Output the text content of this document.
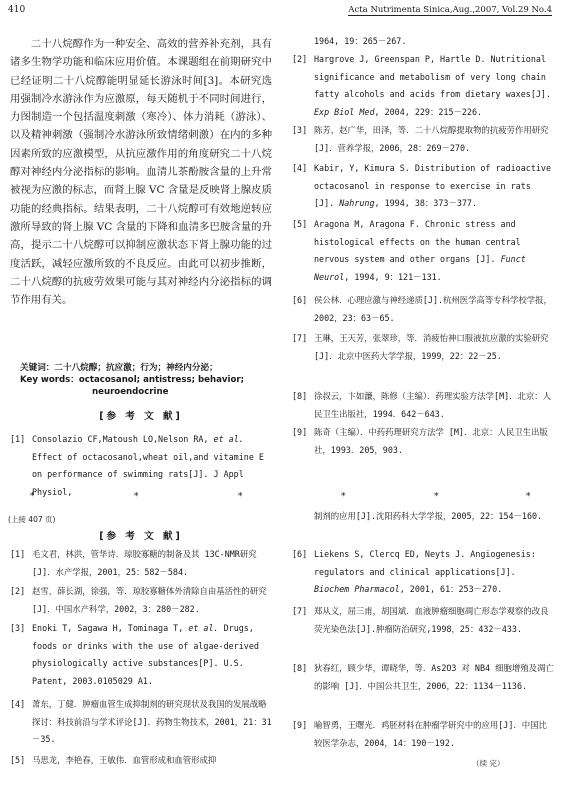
410	Acta Nutrimenta Sinica,Aug.,2007, Vol.29 No.4

二十八烷醇作为一种安全、高效的营养补充剂，具有诸多生物学功能和临床应用价值。本课题组在前期研究中已经证明二十八烷醇能明显延长游泳时间[3]。本研究选用强制冷水游泳作为应激原，每天随机于不同时间进行，力图制造一个包括温度刺激（寒冷）、体力消耗（游泳）、以及精神刺激（强制冷水游泳所致情绪刺激）在内的多种因素所致的应激模型，从抗应激作用的角度研究二十八烷醇对神经内分泌指标的影响。血清儿茶酚胺含量的上升常被视为应激的标志，而肾上腺 VC 含量是反映肾上腺皮质功能的经典指标。结果表明，二十八烷醇可有效地逆转应激所导致的肾上腺 VC 含量的下降和血清多巴胺含量的升高，提示二十八烷醇可以抑制应激状态下肾上腺功能的过度活跃，减轻应激所致的不良反应。由此可以初步推断，二十八烷醇的抗疲劳效果可能与其对神经内分泌指标的调节作用有关。

关键词：二十八烷醇；抗应激；行为；神经内分泌；
Key words：octacosanol; antistress; behavior;
neuroendocrine
[参 考 文 献]
[1] Consolazio CF,Matoush LO,Nelson RA, et al. Effect of octacosanol,wheat oil,and vitamine E on performance of swimming rats[J]. J Appl Physiol,
1964, 19：265－267.
[2] Hargrove J, Greenspan P, Hartle D. Nutritional significance and metabolism of very long chain fatty alcohols and acids from dietary waxes[J]. Exp Biol Med, 2004, 229：215－226.
[3] 陈芳，赵广华，田泽，等．二十八烷醇提取物的抗疲劳作用研究[J]．营养学报，2006，28：269－270.
[4] Kabir, Y, Kimura S. Distribution of radioactive octacosanol in response to exercise in rats [J]. Nahrung, 1994, 38：373－377.
[5] Aragona M, Aragona F. Chronic stress and histological effects on the human central nervous system and other organs [J]. Funct Neurol, 1994, 9：121－131.
[6] 侯公林．心理应激与神经递质[J].杭州医学高等专科学校学报，2002，23：63－65.
[7] 王琳，王天芳，张翠珍，等．消疲怡神口服液抗应激的实验研究 [J]．北京中医药大学学报，1999，22：22－25.
[8] 徐叔云，卞如濂，陈修（主编）．药理实验方法学[M]．北京：人民卫生出版社，1994．642－643.
[9] 陈奇（主编）．中药药理研究方法学 [M]．北京：人民卫生出版社，1993．205，903.
*	*	*	*	*	*
(上接 407 页)
[参 考 文 献]
[1] 毛文君，林洪，管华诗．琼胶寡糖的制备及其 13C-NMR研究[J]．水产学报，2001，25：582－584.
[2] 赵雪，薛长湖，徐强，等．琼胶寡糖体外清除自由基活性的研究[J]．中国水产科学，2002，3：280－282.
[3] Enoki T, Sagawa H, Tominaga T, et al. Drugs, foods or drinks with the use of algae-derived physiologically active substances[P]. U.S. Patent, 2003.0105029 A1.
[4] 萧东，丁健．肿瘤血管生成抑制剂的研究现状及我国的发展战略探讨：科技前沿与学术评论[J]．药物生物技术，2001，21：31－35.
[5] 马思龙，李艳春，王敏伟．血管形成和血管形成抑
制剂的应用[J].沈阳药科大学学报，2005，22：154－160.
[6] Liekens S, Clercq ED, Neyts J. Angiogenesis: regulators and clinical applications[J]. Biochem Pharmacol, 2001, 61：253－270.
[7] 郑从义，屈三甫，胡国斌．血液肿瘤细胞凋亡形态学观察的改良荧光染色法[J].肿瘤防治研究,1998，25：432－433.
[8] 狄春红，顾少华，谭晓华，等．As2O3 对 NB4 细胞增殖及凋亡的影响 [J]．中国公共卫生，2006，22：1134－1136.
[9] 喻智勇，王曙光．鸡胚材料在肿瘤学研究中的应用[J]．中国比较医学杂志，2004，14：190－192.
（续 完）
